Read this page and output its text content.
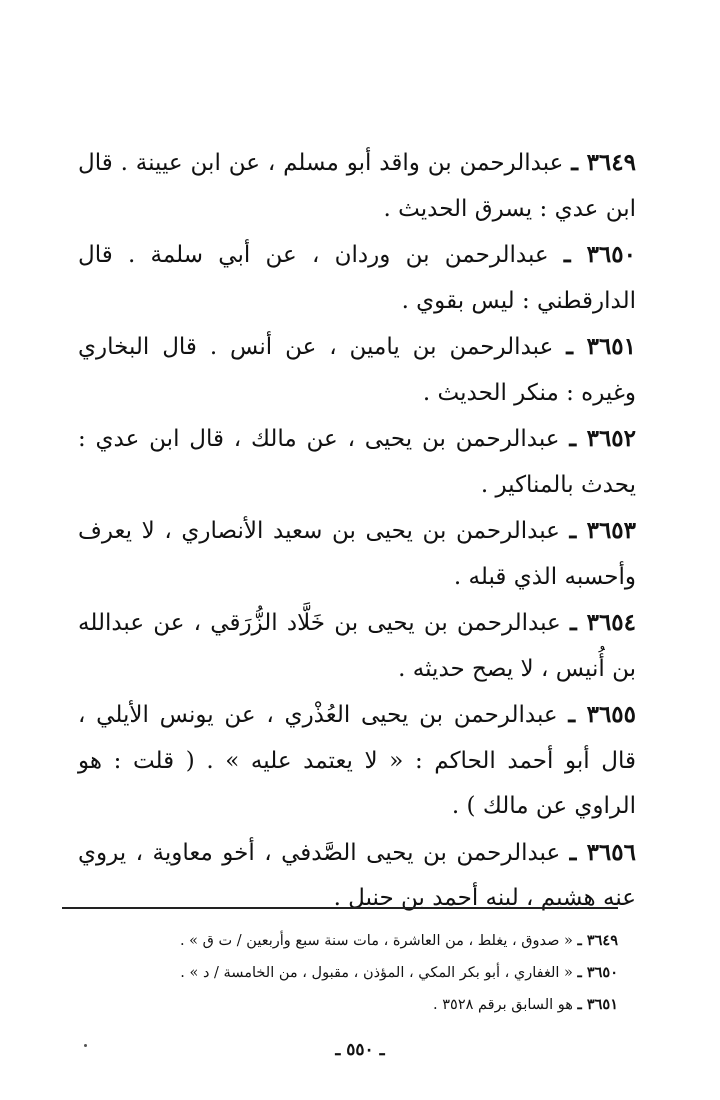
٣٦٤٩ ـ عبدالرحمن بن واقد أبو مسلم ، عن ابن عيينة . قال ابن عدي : يسرق الحديث .

٣٦٥٠ ـ عبدالرحمن بن وردان ، عن أبي سلمة . قال الدارقطني : ليس بقوي .

٣٦٥١ ـ عبدالرحمن بن يامين ، عن أنس . قال البخاري وغيره : منكر الحديث .

٣٦٥٢ ـ عبدالرحمن بن يحيى ، عن مالك ، قال ابن عدي : يحدث بالمناكير .

٣٦٥٣ ـ عبدالرحمن بن يحيى بن سعيد الأنصاري ، لا يعرف وأحسبه الذي قبله .

٣٦٥٤ ـ عبدالرحمن بن يحيى بن خَلَّاد الزُّرَقي ، عن عبدالله بن أُنيس ، لا يصح حديثه .

٣٦٥٥ ـ عبدالرحمن بن يحيى العُذْري ، عن يونس الأيلي ، قال أبو أحمد الحاكم : « لا يعتمد عليه » . ( قلت : هو الراوي عن مالك ) .

٣٦٥٦ ـ عبدالرحمن بن يحيى الصَّدفي ، أخو معاوية ، يروي عنه هشيم ، لينه أحمد بن حنبل .

٣٦٤٩ ـ « صدوق ، يغلط ، من العاشرة ، مات سنة سبع وأربعين / ت ق » .

٣٦٥٠ ـ « الغفاري ، أبو بكر المكي ، المؤذن ، مقبول ، من الخامسة / د » .

٣٦٥١ ـ هو السابق برقم ٣٥٢٨ .

ـ ٥٥٠ ـ
